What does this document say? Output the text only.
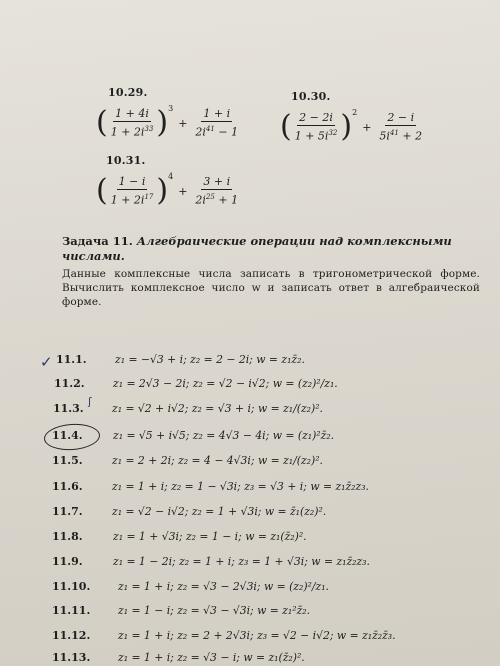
10.29.
( $\frac{1 + 4i}{1 + 2i^{33}}$ ) 3
+ $\frac{1 + i}{2i^{41} - 1}$
10.30.
( $\frac{2 - 2i}{1 + 5i^{32}}$ ) 2
+ $\frac{2 - i}{5i^{41} + 2}$
10.31.
( $\frac{1 - i}{1 + 2i^{17}}$ ) 4
+ $\frac{3 + i}{2i^{25} + 1}$
Задача 11. Алгебраические операции над комплексными числами.
Данные комплексные числа записать в тригонометрической форме. Вычислить комплексное число w и записать ответ в алгебраической форме.
✓
ʃ
11.1.	z₁ = −√3 + i; z₂ = 2 − 2i; w = z₁z̄₂.
11.2.	z₁ = 2√3 − 2i; z₂ = √2 − i√2; w = (z₂)²/z₁.
11.3.	z₁ = √2 + i√2; z₂ = √3 + i; w = z₁/(z₂)².
11.4.	z₁ = √5 + i√5; z₂ = 4√3 − 4i; w = (z₁)²z̄₂.
11.5.	z₁ = 2 + 2i; z₂ = 4 − 4√3i; w = z₁/(z₂)².
11.6.	z₁ = 1 + i; z₂ = 1 − √3i; z₃ = √3 + i; w = z₁z̄₂z₃.
11.7.	z₁ = √2 − i√2; z₂ = 1 + √3i; w = z̄₁(z₂)².
11.8.	z₁ = 1 + √3i; z₂ = 1 − i; w = z₁(z̄₂)².
11.9.	z₁ = 1 − 2i; z₂ = 1 + i; z₃ = 1 + √3i; w = z₁z̄₂z₃.
11.10.	z₁ = 1 + i; z₂ = √3 − 2√3i; w = (z₂)²/z₁.
11.11.	z₁ = 1 − i; z₂ = √3 − √3i; w = z₁²z̄₂.
11.12.	z₁ = 1 + i; z₂ = 2 + 2√3i; z₃ = √2 − i√2; w = z₁z̄₂z̄₃.
11.13.	z₁ = 1 + i; z₂ = √3 − i; w = z₁(z̄₂)².
